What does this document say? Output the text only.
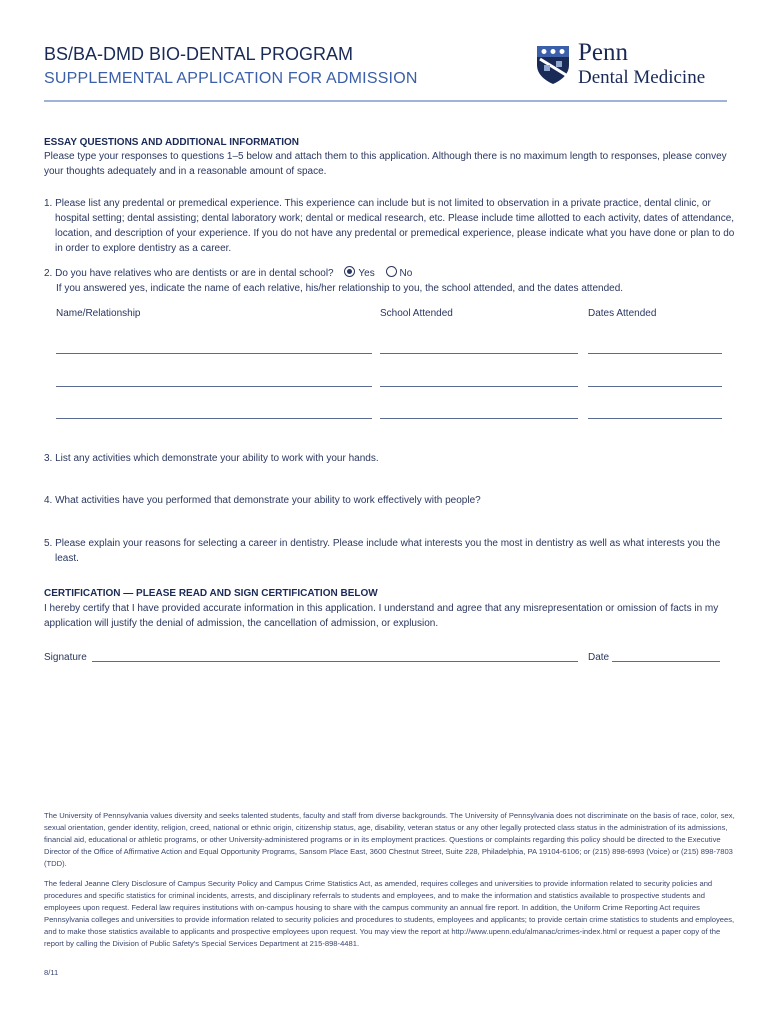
BS/BA-DMD BIO-DENTAL PROGRAM
SUPPLEMENTAL APPLICATION FOR ADMISSION
Penn
Dental Medicine
ESSAY QUESTIONS AND ADDITIONAL INFORMATION
Please type your responses to questions 1–5 below and attach them to this application. Although there is no maximum length to responses, please convey your thoughts adequately and in a reasonable amount of space.
1. Please list any predental or premedical experience. This experience can include but is not limited to observation in a private practice, dental clinic, or hospital setting; dental assisting; dental laboratory work; dental or medical research, etc. Please include time allotted to each activity, dates of attendance, location, and description of your experience. If you do not have any predental or premedical experience, please indicate what you have done or plan to do in order to explore dentistry as a career.
2. Do you have relatives who are dentists or are in dental school? Yes No
If you answered yes, indicate the name of each relative, his/her relationship to you, the school attended, and the dates attended.
Name/Relationship	School Attended	Dates Attended
3. List any activities which demonstrate your ability to work with your hands.
4. What activities have you performed that demonstrate your ability to work effectively with people?
5. Please explain your reasons for selecting a career in dentistry. Please include what interests you the most in dentistry as well as what interests you the least.
CERTIFICATION — PLEASE READ AND SIGN CERTIFICATION BELOW
I hereby certify that I have provided accurate information in this application. I understand and agree that any misrepresentation or omission of facts in my application will justify the denial of admission, the cancellation of admission, or explusion.
Signature	Date
The University of Pennsylvania values diversity and seeks talented students, faculty and staff from diverse backgrounds. The University of Pennsylvania does not discriminate on the basis of race, color, sex, sexual orientation, gender identity, religion, creed, national or ethnic origin, citizenship status, age, disability, veteran status or any other legally protected class status in the administration of its admissions, financial aid, educational or athletic programs, or other University-administered programs or in its employment practices. Questions or complaints regarding this policy should be directed to the Executive Director of the Office of Affirmative Action and Equal Opportunity Programs, Sansom Place East, 3600 Chestnut Street, Suite 228, Philadelphia, PA 19104-6106; or (215) 898-6993 (Voice) or (215) 898-7803 (TDD).
The federal Jeanne Clery Disclosure of Campus Security Policy and Campus Crime Statistics Act, as amended, requires colleges and universities to provide information related to security policies and procedures and specific statistics for criminal incidents, arrests, and disciplinary referrals to students and employees, and to make the information and statistics available to prospective students and employees upon request. Federal law requires institutions with on-campus housing to share with the campus community an annual fire report. In addition, the Uniform Crime Reporting Act requires Pennsylvania colleges and universities to provide information related to security policies and procedures to students, employees and applicants; to provide certain crime statistics to students and employees, and to make those statistics available to applicants and prospective employees upon request. You may view the report at http://www.upenn.edu/almanac/crimes-index.html or request a paper copy of the report by calling the Division of Public Safety's Special Services Department at 215-898-4481.
8/11
